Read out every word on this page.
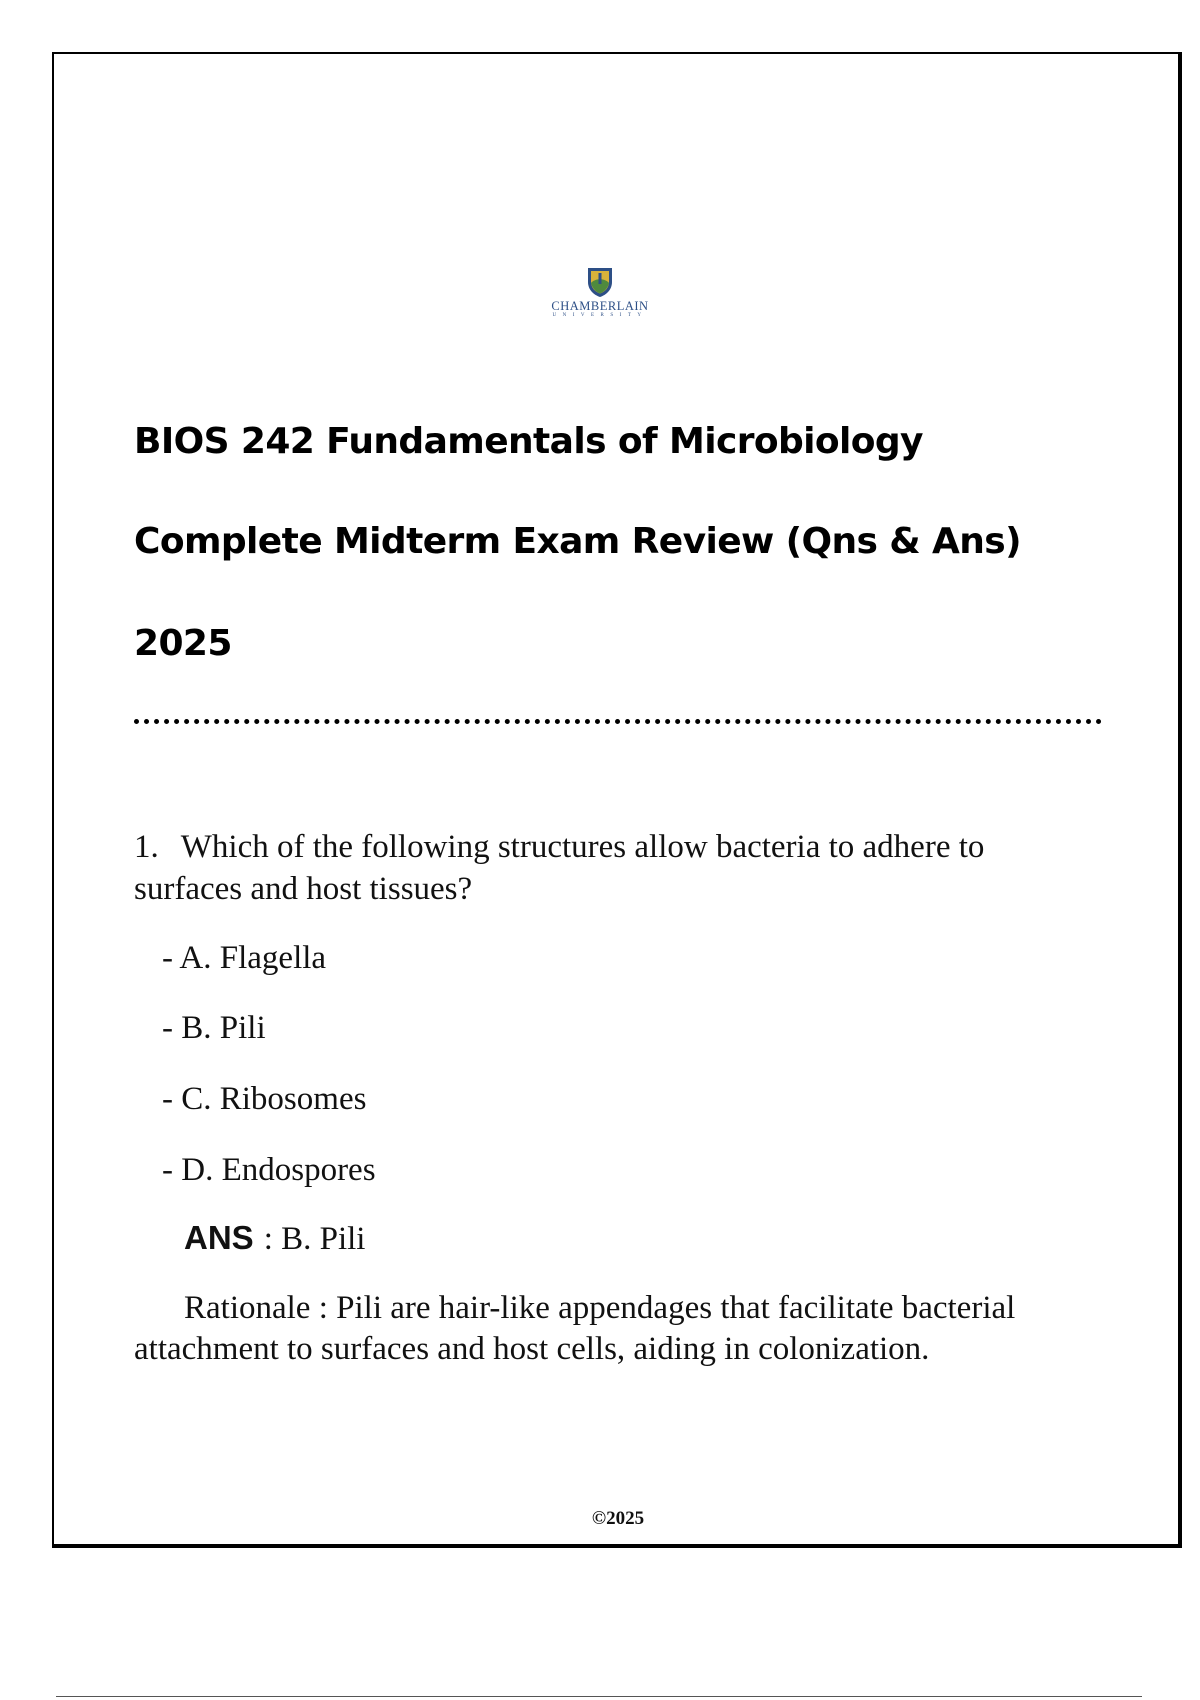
CHAMBERLAIN
UNIVERSITY
BIOS 242 Fundamentals of Microbiology
Complete Midterm Exam Review (Qns & Ans)
2025

1. Which of the following structures allow bacteria to adhere to surfaces and host tissues?

- A. Flagella

- B. Pili

- C. Ribosomes

- D. Endospores

ANS : B. Pili

Rationale : Pili are hair-like appendages that facilitate bacterial attachment to surfaces and host cells, aiding in colonization.

©2025
